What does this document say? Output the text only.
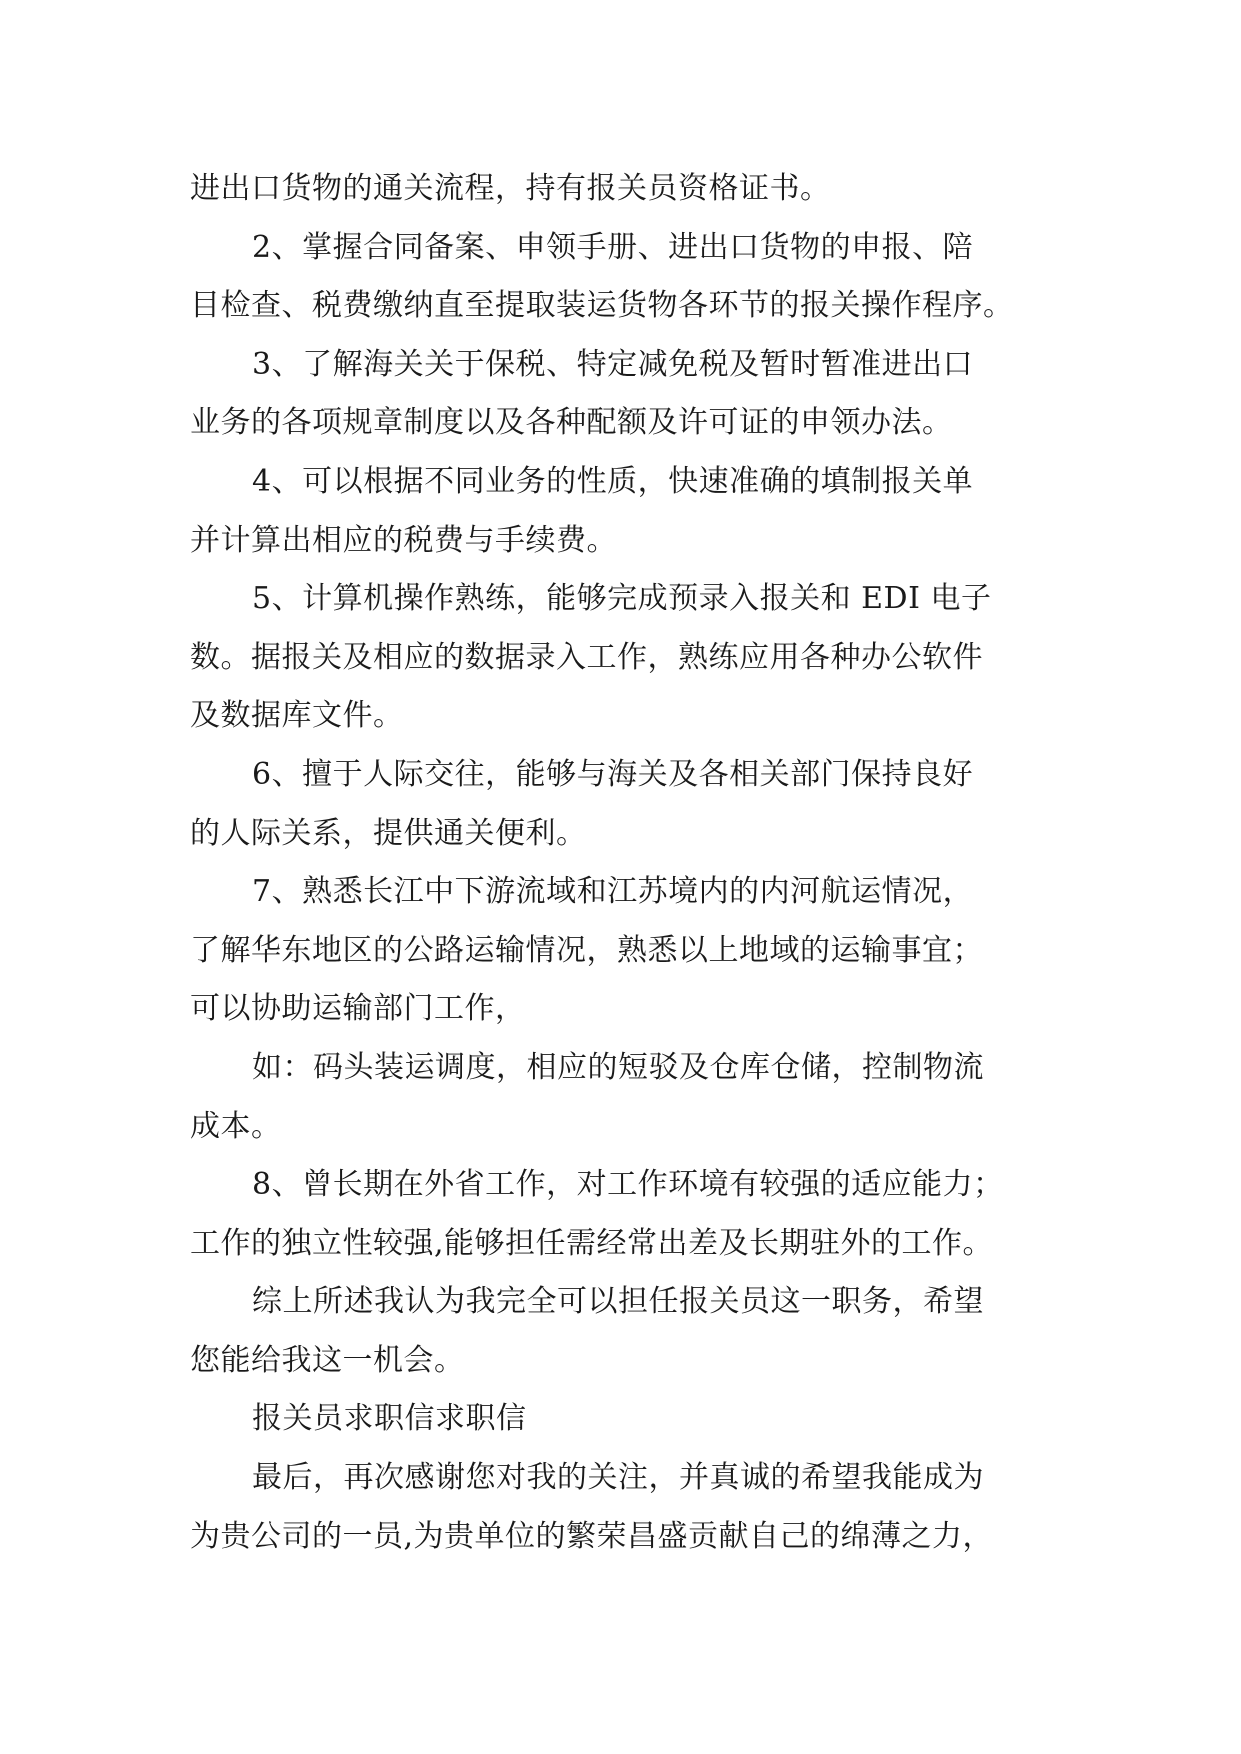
进出口货物的通关流程，持有报关员资格证书。
2、掌握合同备案、申领手册、进出口货物的申报、陪
目检查、税费缴纳直至提取装运货物各环节的报关操作程序。
3、了解海关关于保税、特定减免税及暂时暂准进出口
业务的各项规章制度以及各种配额及许可证的申领办法。
4、可以根据不同业务的性质，快速准确的填制报关单
并计算出相应的税费与手续费。
5、计算机操作熟练，能够完成预录入报关和 EDI 电子
数。据报关及相应的数据录入工作，熟练应用各种办公软件
及数据库文件。
6、擅于人际交往，能够与海关及各相关部门保持良好
的人际关系，提供通关便利。
7、熟悉长江中下游流域和江苏境内的内河航运情况，
了解华东地区的公路运输情况，熟悉以上地域的运输事宜；
可以协助运输部门工作，
如：码头装运调度，相应的短驳及仓库仓储，控制物流
成本。
8、曾长期在外省工作，对工作环境有较强的适应能力；
工作的独立性较强,能够担任需经常出差及长期驻外的工作。
综上所述我认为我完全可以担任报关员这一职务，希望
您能给我这一机会。
报关员求职信求职信
最后，再次感谢您对我的关注，并真诚的希望我能成为
为贵公司的一员,为贵单位的繁荣昌盛贡献自己的绵薄之力，
